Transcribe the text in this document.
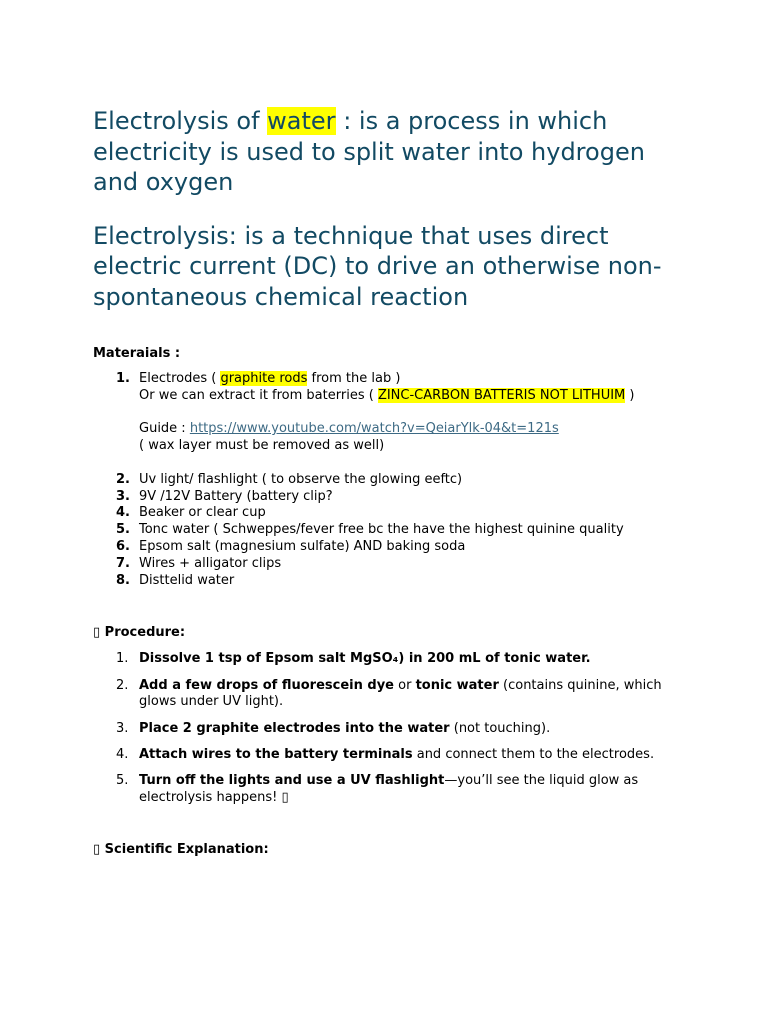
Electrolysis of water : is a process in which electricity is used to split water into hydrogen and oxygen

Electrolysis: is a technique that uses direct electric current (DC) to drive an otherwise non-spontaneous chemical reaction

Materaials :

1. Electrodes ( graphite rods from the lab )
Or we can extract it from baterries ( ZINC-CARBON BATTERIS NOT LITHUIM )
Guide : https://www.youtube.com/watch?v=QeiarYlk-04&t=121s
( wax layer must be removed as well)
2. Uv light/ flashlight ( to observe the glowing eeftc)
3. 9V /12V Battery (battery clip?
4. Beaker or clear cup
5. Tonc water ( Schweppes/fever free bc the have the highest quinine quality
6. Epsom salt (magnesium sulfate) AND baking soda
7. Wires + alligator clips
8. Disttelid water

▯ Procedure:

1. Dissolve 1 tsp of Epsom salt MgSO₄) in 200 mL of tonic water.
2. Add a few drops of fluorescein dye or tonic water (contains quinine, which glows under UV light).
3. Place 2 graphite electrodes into the water (not touching).
4. Attach wires to the battery terminals and connect them to the electrodes.
5. Turn off the lights and use a UV flashlight—you’ll see the liquid glow as electrolysis happens! ▯

▯ Scientific Explanation:
